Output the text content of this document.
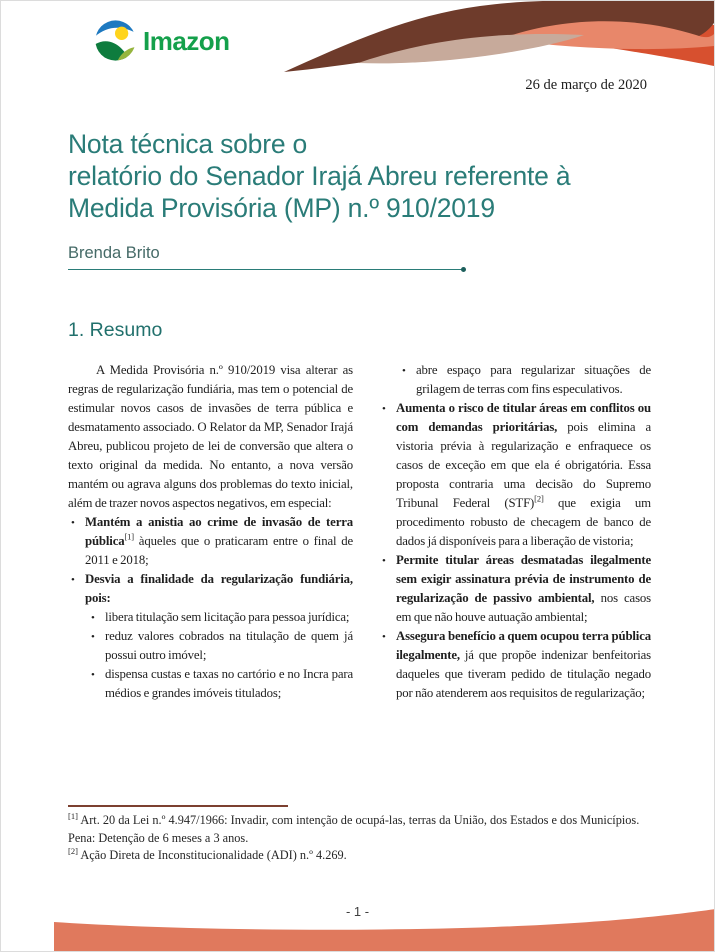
Imazon
26 de março de 2020
Nota técnica sobre o
relatório do Senador Irajá Abreu referente à
Medida Provisória (MP) n.º 910/2019
Brenda Brito
1. Resumo

A Medida Provisória n.º 910/2019 visa alterar as regras de regularização fundiária, mas tem o potencial de estimular novos casos de invasões de terra pública e desmatamento associado. O Relator da MP, Senador Irajá Abreu, publicou projeto de lei de conversão que altera o texto original da medida. No entanto, a nova versão mantém ou agrava alguns dos problemas do texto inicial, além de trazer novos aspectos negativos, em especial:

• Mantém a anistia ao crime de invasão de terra pública[1] àqueles que o praticaram entre o final de 2011 e 2018;
• Desvia a finalidade da regularização fundiária, pois:
• libera titulação sem licitação para pessoa jurídica;
• reduz valores cobrados na titulação de quem já possui outro imóvel;
• dispensa custas e taxas no cartório e no Incra para médios e grandes imóveis titulados;
• abre espaço para regularizar situações de grilagem de terras com fins especulativos.
• Aumenta o risco de titular áreas em conflitos ou com demandas prioritárias, pois elimina a vistoria prévia à regularização e enfraquece os casos de exceção em que ela é obrigatória. Essa proposta contraria uma decisão do Supremo Tribunal Federal (STF)[2] que exigia um procedimento robusto de checagem de banco de dados já disponíveis para a liberação de vistoria;
• Permite titular áreas desmatadas ilegalmente sem exigir assinatura prévia de instrumento de regularização de passivo ambiental, nos casos em que não houve autuação ambiental;
• Assegura benefício a quem ocupou terra pública ilegalmente, já que propõe indenizar benfeitorias daqueles que tiveram pedido de titulação negado por não atenderem aos requisitos de regularização;

[1] Art. 20 da Lei n.º 4.947/1966: Invadir, com intenção de ocupá-las, terras da União, dos Estados e dos Municípios. Pena: Detenção de 6 meses a 3 anos.

[2] Ação Direta de Inconstitucionalidade (ADI) n.º 4.269.

- 1 -
